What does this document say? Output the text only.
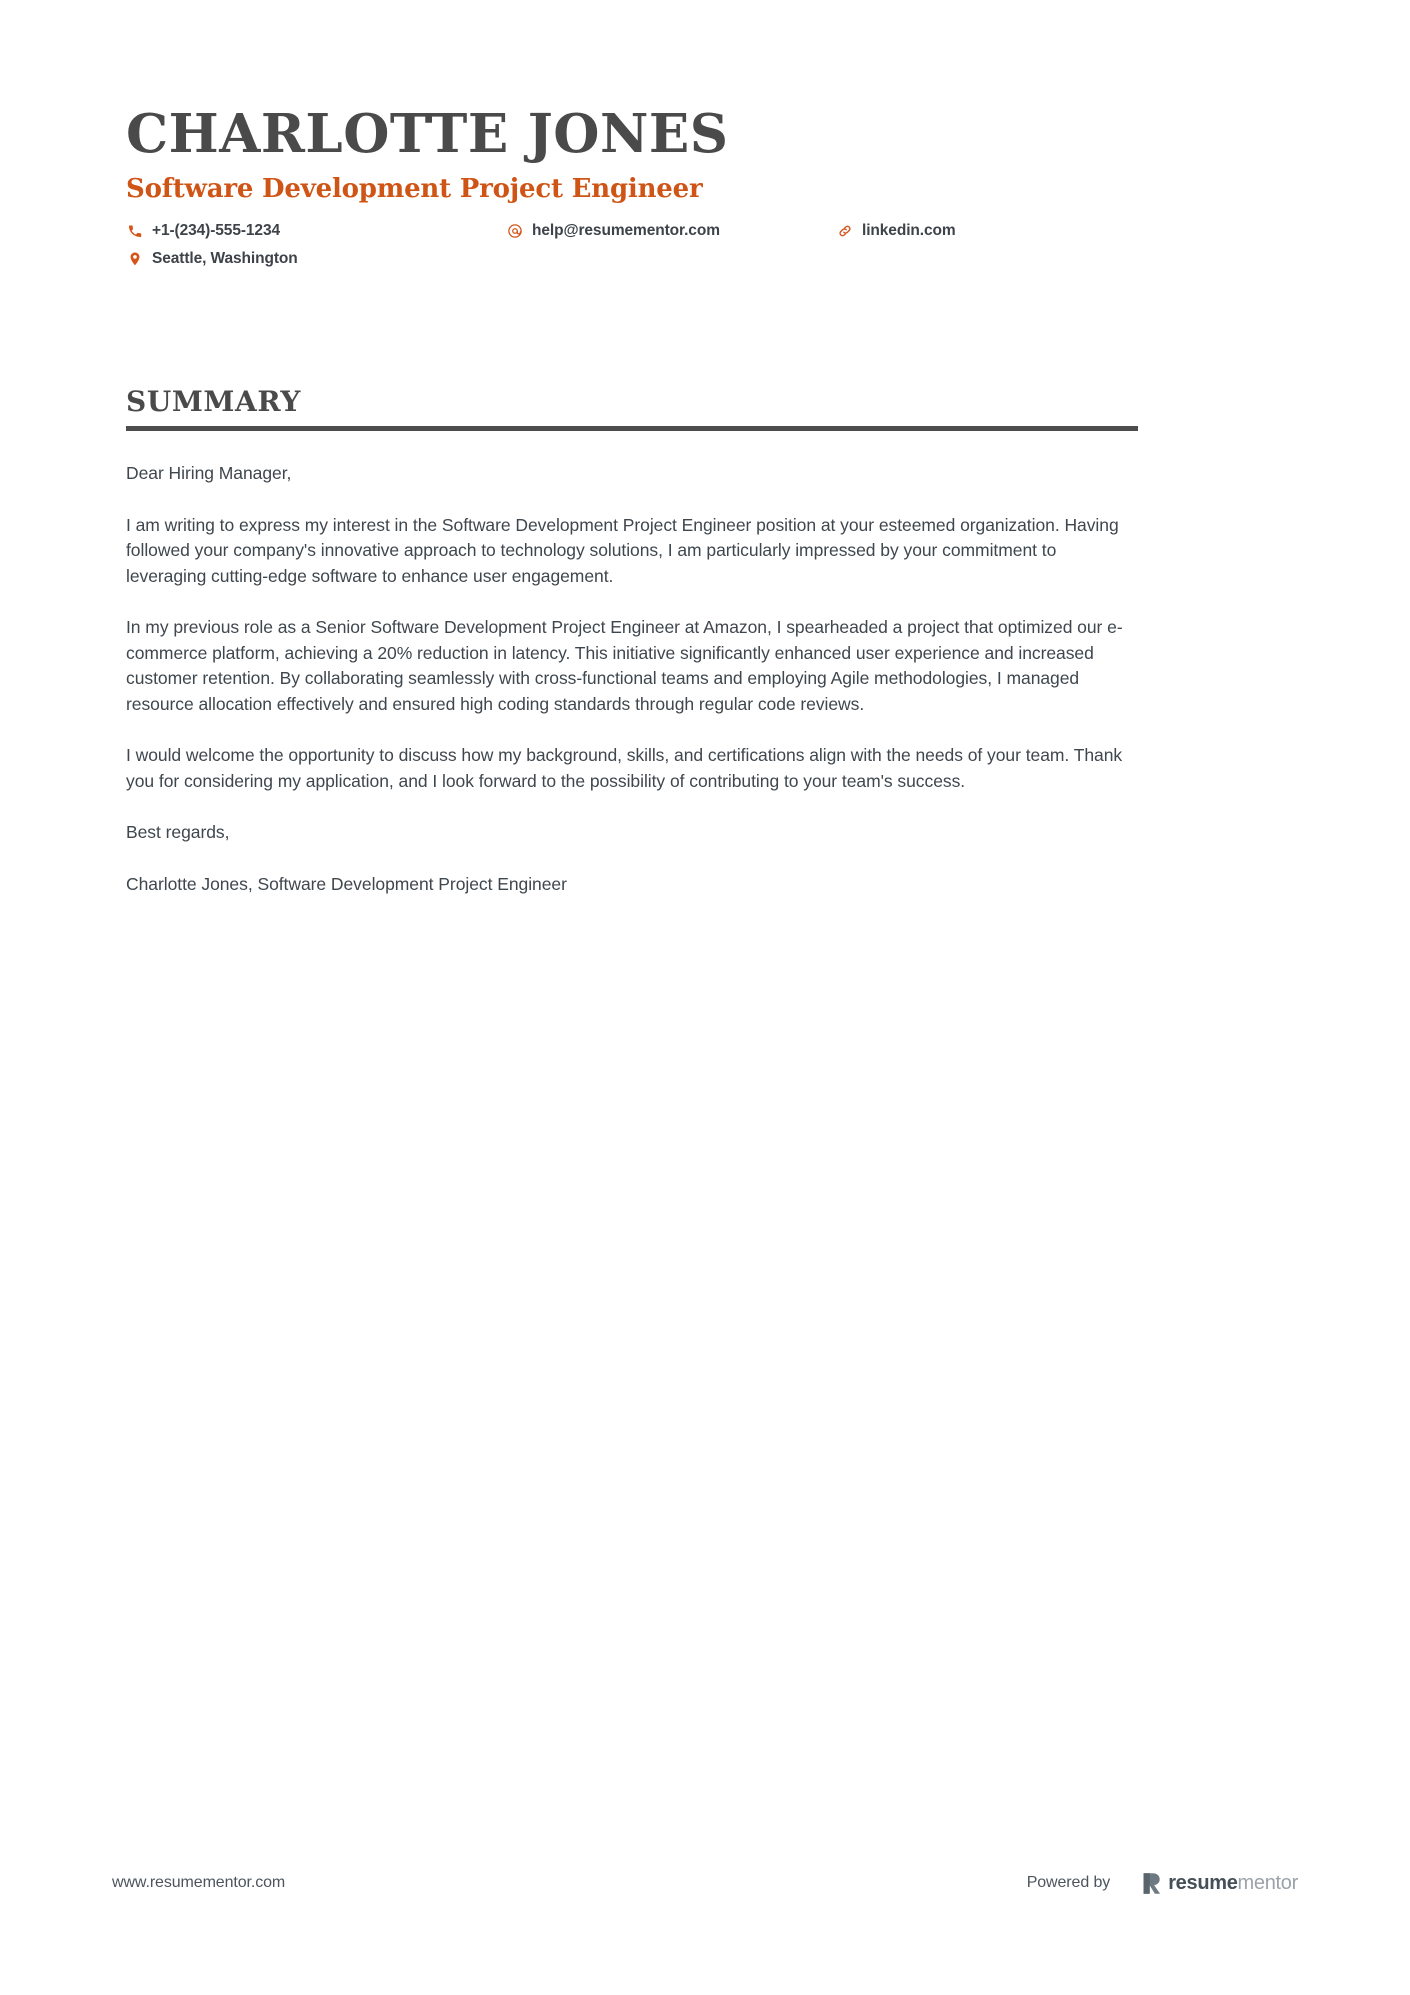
CHARLOTTE JONES
Software Development Project Engineer
+1-(234)-555-1234	help@resumementor.com	linkedin.com
Seattle, Washington
SUMMARY

Dear Hiring Manager,

I am writing to express my interest in the Software Development Project Engineer position at your esteemed organization. Having followed your company's innovative approach to technology solutions, I am particularly impressed by your commitment to leveraging cutting-edge software to enhance user engagement.

In my previous role as a Senior Software Development Project Engineer at Amazon, I spearheaded a project that optimized our e-commerce platform, achieving a 20% reduction in latency. This initiative significantly enhanced user experience and increased customer retention. By collaborating seamlessly with cross-functional teams and employing Agile methodologies, I managed resource allocation effectively and ensured high coding standards through regular code reviews.

I would welcome the opportunity to discuss how my background, skills, and certifications align with the needs of your team. Thank you for considering my application, and I look forward to the possibility of contributing to your team's success.

Best regards,

Charlotte Jones, Software Development Project Engineer

www.resumementor.com	Powered by	resumementor
